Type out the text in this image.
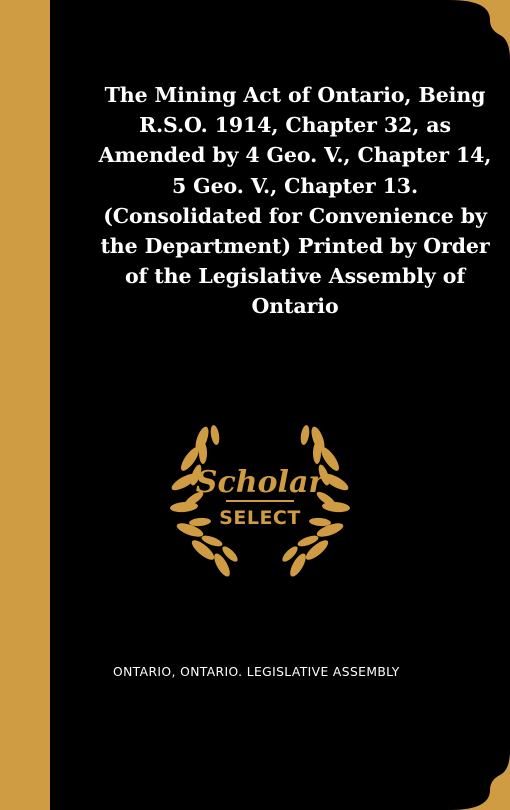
The Mining Act of Ontario, Being R.S.O. 1914, Chapter 32, as Amended by 4 Geo. V., Chapter 14, 5 Geo. V., Chapter 13. (Consolidated for Convenience by the Department) Printed by Order of the Legislative Assembly of Ontario
Scholar
SELECT

ONTARIO, ONTARIO. LEGISLATIVE ASSEMBLY
